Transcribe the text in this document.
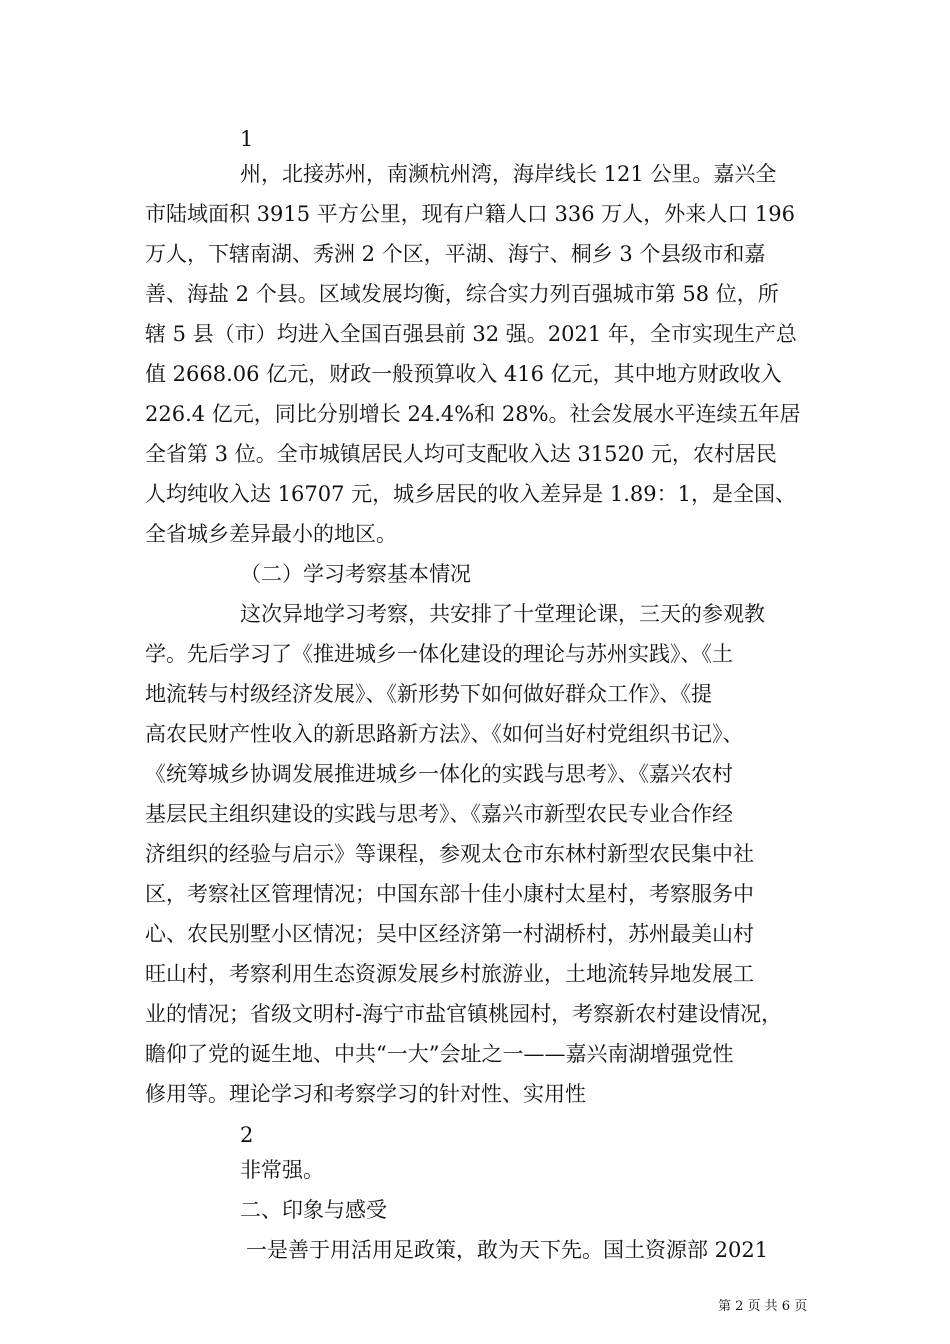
1
州，北接苏州，南濒杭州湾，海岸线长 121 公里。嘉兴全
市陆域面积 3915 平方公里，现有户籍人口 336 万人，外来人口 196
万人，下辖南湖、秀洲 2 个区，平湖、海宁、桐乡 3 个县级市和嘉
善、海盐 2 个县。区域发展均衡，综合实力列百强城市第 58 位，所
辖 5 县（市）均进入全国百强县前 32 强。2021 年，全市实现生产总
值 2668.06 亿元，财政一般预算收入 416 亿元，其中地方财政收入
226.4 亿元，同比分别增长 24.4%和 28%。社会发展水平连续五年居
全省第 3 位。全市城镇居民人均可支配收入达 31520 元，农村居民
人均纯收入达 16707 元，城乡居民的收入差异是 1.89：1，是全国、
全省城乡差异最小的地区。
（二）学习考察基本情况
这次异地学习考察，共安排了十堂理论课，三天的参观教
学。先后学习了《推进城乡一体化建设的理论与苏州实践》、《土
地流转与村级经济发展》、《新形势下如何做好群众工作》、《提
高农民财产性收入的新思路新方法》、《如何当好村党组织书记》、
《统筹城乡协调发展推进城乡一体化的实践与思考》、《嘉兴农村
基层民主组织建设的实践与思考》、《嘉兴市新型农民专业合作经
济组织的经验与启示》等课程，参观太仓市东林村新型农民集中社
区，考察社区管理情况；中国东部十佳小康村太星村，考察服务中
心、农民别墅小区情况；吴中区经济第一村湖桥村，苏州最美山村
旺山村，考察利用生态资源发展乡村旅游业，土地流转异地发展工
业的情况；省级文明村-海宁市盐官镇桃园村，考察新农村建设情况，
瞻仰了党的诞生地、中共“一大”会址之一——嘉兴南湖增强党性
修用等。理论学习和考察学习的针对性、实用性
2
非常强。
二、印象与感受
一是善于用活用足政策，敢为天下先。国土资源部 2021
第 2 页 共 6 页
